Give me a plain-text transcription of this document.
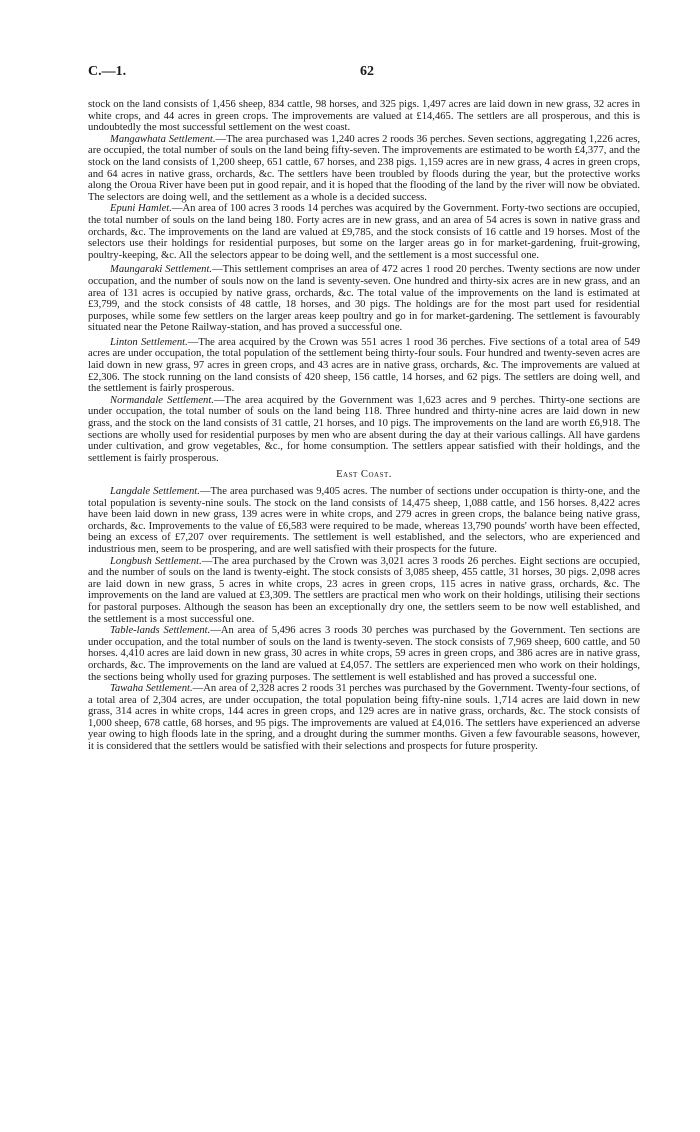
C.—1.	62

stock on the land consists of 1,456 sheep, 834 cattle, 98 horses, and 325 pigs. 1,497 acres are laid down in new grass, 32 acres in white crops, and 44 acres in green crops. The improvements are valued at £14,465. The settlers are all prosperous, and this is undoubtedly the most successful settlement on the west coast.

Mangawhata Settlement.—The area purchased was 1,240 acres 2 roods 36 perches. Seven sections, aggregating 1,226 acres, are occupied, the total number of souls on the land being fifty-seven. The improvements are estimated to be worth £4,377, and the stock on the land consists of 1,200 sheep, 651 cattle, 67 horses, and 238 pigs. 1,159 acres are in new grass, 4 acres in green crops, and 64 acres in native grass, orchards, &c. The settlers have been troubled by floods during the year, but the protective works along the Oroua River have been put in good repair, and it is hoped that the flooding of the land by the river will now be obviated. The selectors are doing well, and the settlement as a whole is a decided success.

Epuni Hamlet.—An area of 100 acres 3 roods 14 perches was acquired by the Government. Forty-two sections are occupied, the total number of souls on the land being 180. Forty acres are in new grass, and an area of 54 acres is sown in native grass and orchards, &c. The improvements on the land are valued at £9,785, and the stock consists of 16 cattle and 19 horses. Most of the selectors use their holdings for residential purposes, but some on the larger areas go in for market-gardening, fruit-growing, poultry-keeping, &c. All the selectors appear to be doing well, and the settlement is a most successful one.

Maungaraki Settlement.—This settlement comprises an area of 472 acres 1 rood 20 perches. Twenty sections are now under occupation, and the number of souls now on the land is seventy-seven. One hundred and thirty-six acres are in new grass, and an area of 131 acres is occupied by native grass, orchards, &c. The total value of the improvements on the land is estimated at £3,799, and the stock consists of 48 cattle, 18 horses, and 30 pigs. The holdings are for the most part used for residential purposes, while some few settlers on the larger areas keep poultry and go in for market-gardening. The settlement is favourably situated near the Petone Railway-station, and has proved a successful one.

Linton Settlement.—The area acquired by the Crown was 551 acres 1 rood 36 perches. Five sections of a total area of 549 acres are under occupation, the total population of the settlement being thirty-four souls. Four hundred and twenty-seven acres are laid down in new grass, 97 acres in green crops, and 43 acres are in native grass, orchards, &c. The improvements are valued at £2,306. The stock running on the land consists of 420 sheep, 156 cattle, 14 horses, and 62 pigs. The settlers are doing well, and the settlement is fairly prosperous.

Normandale Settlement.—The area acquired by the Government was 1,623 acres and 9 perches. Thirty-one sections are under occupation, the total number of souls on the land being 118. Three hundred and thirty-nine acres are laid down in new grass, and the stock on the land consists of 31 cattle, 21 horses, and 10 pigs. The improvements on the land are worth £6,918. The sections are wholly used for residential purposes by men who are absent during the day at their various callings. All have gardens under cultivation, and grow vegetables, &c., for home consumption. The settlers appear satisfied with their holdings, and the settlement is fairly prosperous.

East Coast.

Langdale Settlement.—The area purchased was 9,405 acres. The number of sections under occupation is thirty-one, and the total population is seventy-nine souls. The stock on the land consists of 14,475 sheep, 1,088 cattle, and 156 horses. 8,422 acres have been laid down in new grass, 139 acres were in white crops, and 279 acres in green crops, the balance being native grass, orchards, &c. Improvements to the value of £6,583 were required to be made, whereas 13,790 pounds' worth have been effected, being an excess of £7,207 over requirements. The settlement is well established, and the selectors, who are experienced and industrious men, seem to be prospering, and are well satisfied with their prospects for the future.

Longbush Settlement.—The area purchased by the Crown was 3,021 acres 3 roods 26 perches. Eight sections are occupied, and the number of souls on the land is twenty-eight. The stock consists of 3,085 sheep, 455 cattle, 31 horses, 30 pigs. 2,098 acres are laid down in new grass, 5 acres in white crops, 23 acres in green crops, 115 acres in native grass, orchards, &c. The improvements on the land are valued at £3,309. The settlers are practical men who work on their holdings, utilising their sections for pastoral purposes. Although the season has been an exceptionally dry one, the settlers seem to be now well established, and the settlement is a most successful one.

Table-lands Settlement.—An area of 5,496 acres 3 roods 30 perches was purchased by the Government. Ten sections are under occupation, and the total number of souls on the land is twenty-seven. The stock consists of 7,969 sheep, 600 cattle, and 50 horses. 4,410 acres are laid down in new grass, 30 acres in white crops, 59 acres in green crops, and 386 acres are in native grass, orchards, &c. The improvements on the land are valued at £4,057. The settlers are experienced men who work on their holdings, the sections being wholly used for grazing purposes. The settlement is well established and has proved a successful one.

Tawaha Settlement.—An area of 2,328 acres 2 roods 31 perches was purchased by the Government. Twenty-four sections, of a total area of 2,304 acres, are under occupation, the total population being fifty-nine souls. 1,714 acres are laid down in new grass, 314 acres in white crops, 144 acres in green crops, and 129 acres are in native grass, orchards, &c. The stock consists of 1,000 sheep, 678 cattle, 68 horses, and 95 pigs. The improvements are valued at £4,016. The settlers have experienced an adverse year owing to high floods late in the spring, and a drought during the summer months. Given a few favourable seasons, however, it is considered that the settlers would be satisfied with their selections and prospects for future prosperity.
